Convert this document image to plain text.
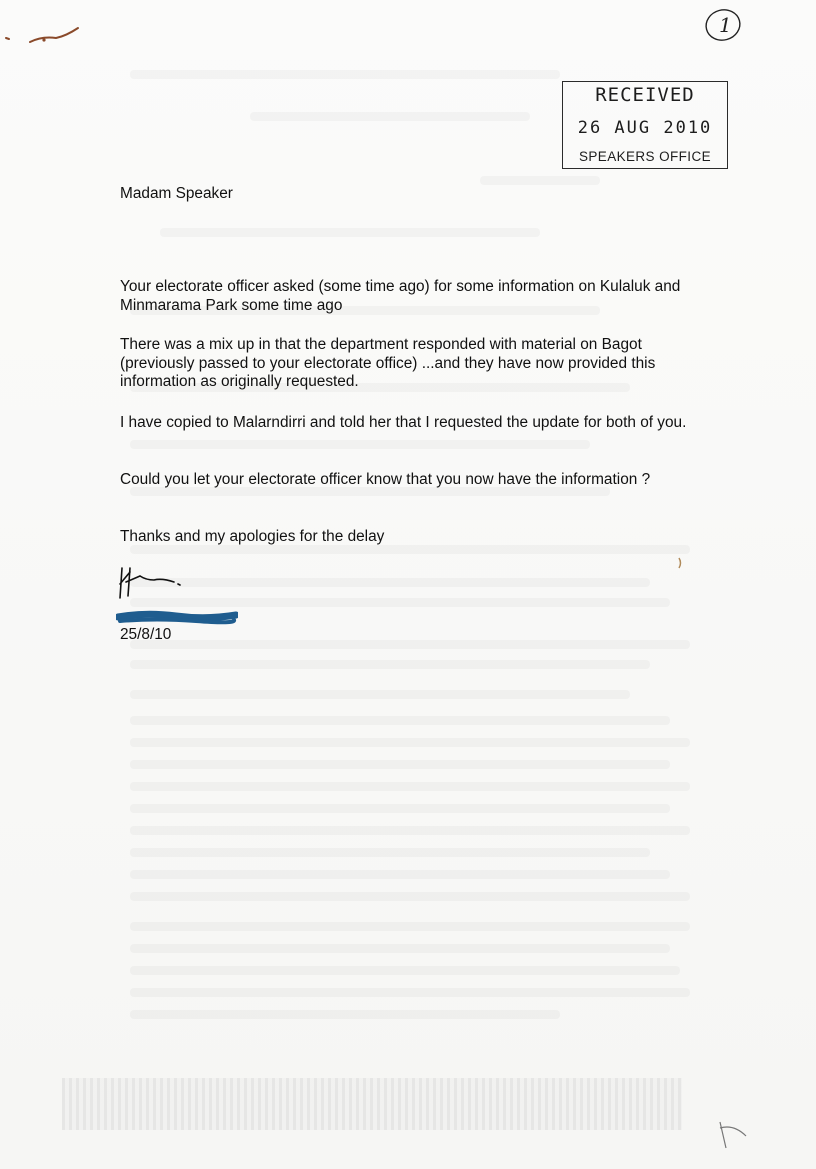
1
RECEIVED
26 AUG 2010
SPEAKERS OFFICE
Madam Speaker

Your electorate officer asked (some time ago) for some information on Kulaluk and Minmarama Park some time ago

There was a mix up in that the department responded with material on Bagot (previously passed to your electorate office) ...and they have now provided this information as originally requested.

I have copied to Malarndirri and told her that I requested the update for both of you.

Could you let your electorate officer know that you now have the information ?

Thanks and my apologies for the delay

25/8/10
